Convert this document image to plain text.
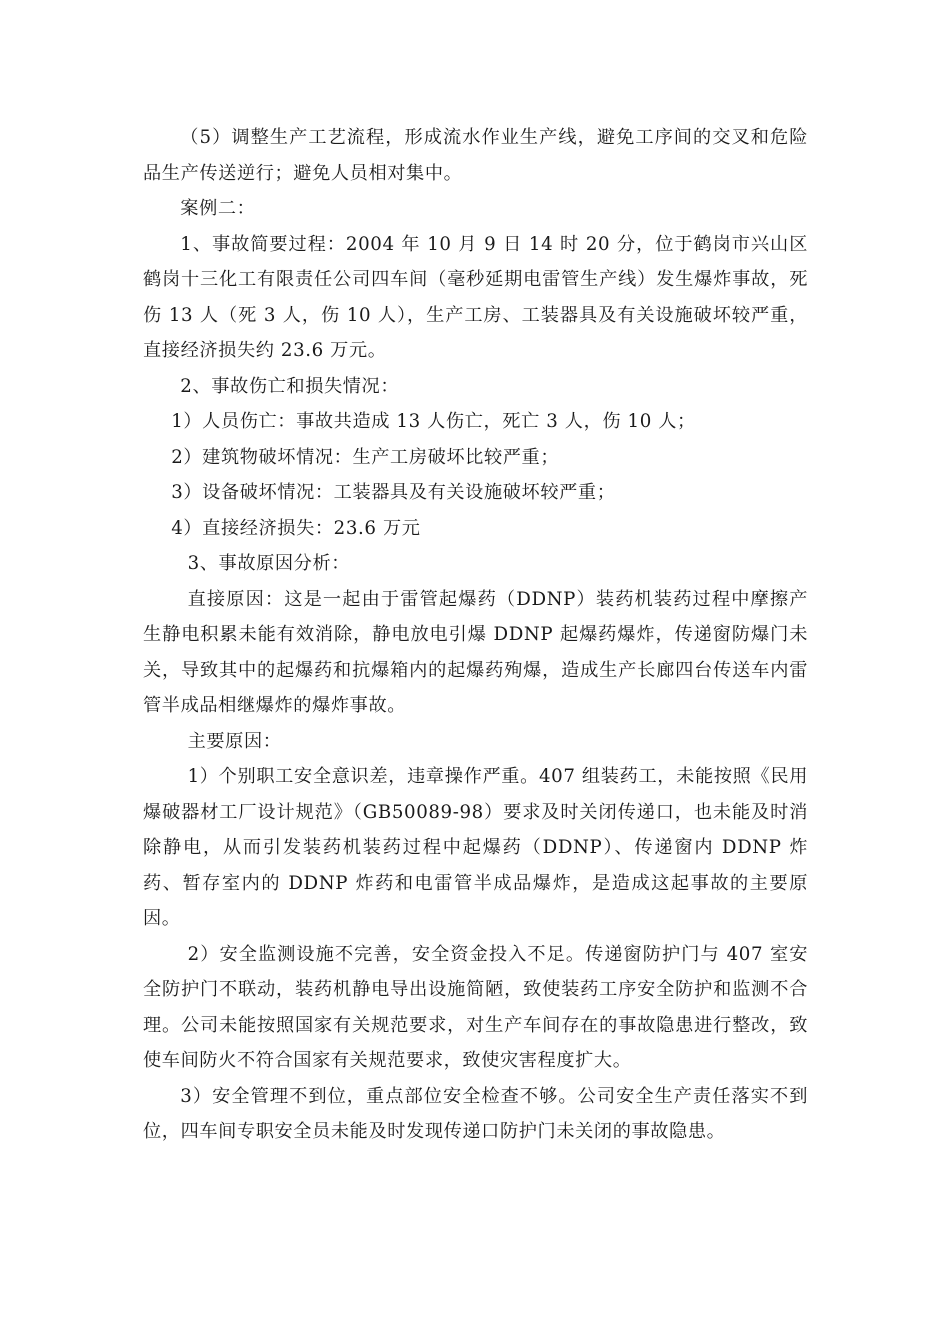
（5）调整生产工艺流程，形成流水作业生产线，避免工序间的交叉和危险品生产传送逆行；避免人员相对集中。

案例二：

1、事故简要过程：2004 年 10 月 9 日 14 时 20 分，位于鹤岗市兴山区鹤岗十三化工有限责任公司四车间（毫秒延期电雷管生产线）发生爆炸事故，死伤 13 人（死 3 人，伤 10 人），生产工房、工装器具及有关设施破坏较严重，直接经济损失约 23.6 万元。

2、事故伤亡和损失情况：

1）人员伤亡：事故共造成 13 人伤亡，死亡 3 人，伤 10 人；

2）建筑物破坏情况：生产工房破坏比较严重；

3）设备破坏情况：工装器具及有关设施破坏较严重；

4）直接经济损失：23.6 万元

3、事故原因分析：

直接原因：这是一起由于雷管起爆药（DDNP）装药机装药过程中摩擦产生静电积累未能有效消除，静电放电引爆 DDNP 起爆药爆炸，传递窗防爆门未关，导致其中的起爆药和抗爆箱内的起爆药殉爆，造成生产长廊四台传送车内雷管半成品相继爆炸的爆炸事故。

主要原因：

1）个别职工安全意识差，违章操作严重。407 组装药工，未能按照《民用爆破器材工厂设计规范》（GB50089-98）要求及时关闭传递口，也未能及时消除静电，从而引发装药机装药过程中起爆药（DDNP）、传递窗内 DDNP 炸药、暂存室内的 DDNP 炸药和电雷管半成品爆炸，是造成这起事故的主要原因。

2）安全监测设施不完善，安全资金投入不足。传递窗防护门与 407 室安全防护门不联动，装药机静电导出设施简陋，致使装药工序安全防护和监测不合理。公司未能按照国家有关规范要求，对生产车间存在的事故隐患进行整改，致使车间防火不符合国家有关规范要求，致使灾害程度扩大。

3）安全管理不到位，重点部位安全检查不够。公司安全生产责任落实不到位，四车间专职安全员未能及时发现传递口防护门未关闭的事故隐患。
